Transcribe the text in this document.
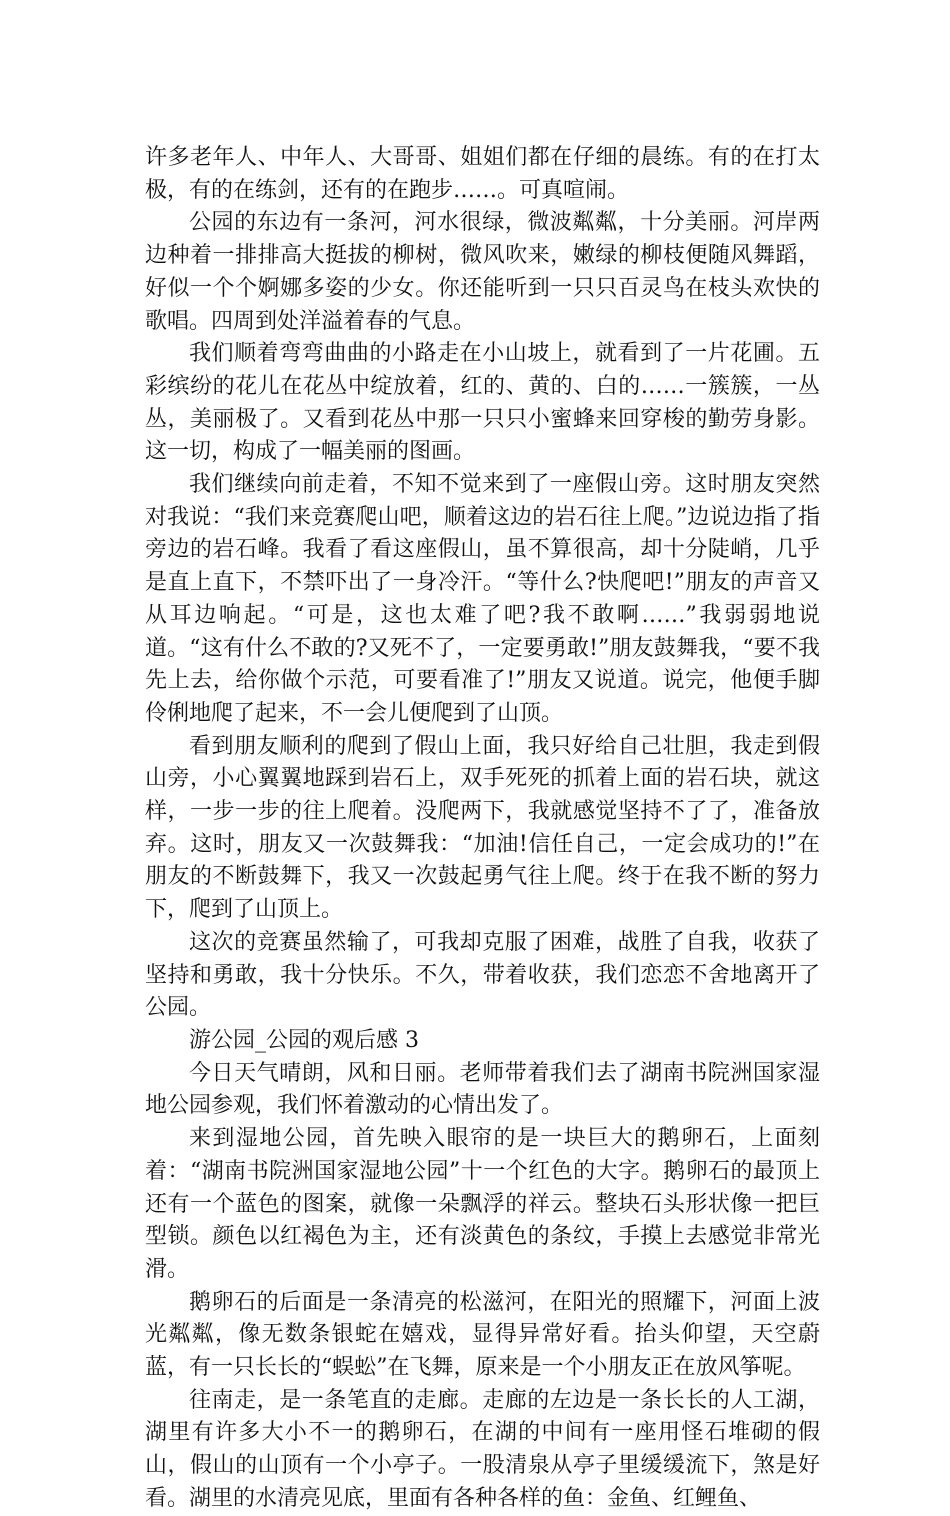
许多老年人、中年人、大哥哥、姐姐们都在仔细的晨练。有的在打太极，有的在练剑，还有的在跑步……。可真喧闹。

公园的东边有一条河，河水很绿，微波粼粼，十分美丽。河岸两边种着一排排高大挺拔的柳树，微风吹来，嫩绿的柳枝便随风舞蹈，好似一个个婀娜多姿的少女。你还能听到一只只百灵鸟在枝头欢快的歌唱。四周到处洋溢着春的气息。

我们顺着弯弯曲曲的小路走在小山坡上，就看到了一片花圃。五彩缤纷的花儿在花丛中绽放着，红的、黄的、白的……一簇簇，一丛丛，美丽极了。又看到花丛中那一只只小蜜蜂来回穿梭的勤劳身影。这一切，构成了一幅美丽的图画。

我们继续向前走着，不知不觉来到了一座假山旁。这时朋友突然对我说：“我们来竞赛爬山吧，顺着这边的岩石往上爬。”边说边指了指旁边的岩石峰。我看了看这座假山，虽不算很高，却十分陡峭，几乎是直上直下，不禁吓出了一身冷汗。“等什么?快爬吧!”朋友的声音又从耳边响起。“可是，这也太难了吧?我不敢啊……”我弱弱地说道。“这有什么不敢的?又死不了，一定要勇敢!”朋友鼓舞我，“要不我先上去，给你做个示范，可要看准了!”朋友又说道。说完，他便手脚伶俐地爬了起来，不一会儿便爬到了山顶。

看到朋友顺利的爬到了假山上面，我只好给自己壮胆，我走到假山旁，小心翼翼地踩到岩石上，双手死死的抓着上面的岩石块，就这样，一步一步的往上爬着。没爬两下，我就感觉坚持不了了，准备放弃。这时，朋友又一次鼓舞我：“加油!信任自己，一定会成功的!”在朋友的不断鼓舞下，我又一次鼓起勇气往上爬。终于在我不断的努力下，爬到了山顶上。

这次的竞赛虽然输了，可我却克服了困难，战胜了自我，收获了坚持和勇敢，我十分快乐。不久，带着收获，我们恋恋不舍地离开了公园。

游公园_公园的观后感 3

今日天气晴朗，风和日丽。老师带着我们去了湖南书院洲国家湿地公园参观，我们怀着激动的心情出发了。

来到湿地公园，首先映入眼帘的是一块巨大的鹅卵石，上面刻着：“湖南书院洲国家湿地公园”十一个红色的大字。鹅卵石的最顶上还有一个蓝色的图案，就像一朵飘浮的祥云。整块石头形状像一把巨型锁。颜色以红褐色为主，还有淡黄色的条纹，手摸上去感觉非常光滑。

鹅卵石的后面是一条清亮的松滋河，在阳光的照耀下，河面上波光粼粼，像无数条银蛇在嬉戏，显得异常好看。抬头仰望，天空蔚蓝，有一只长长的“蜈蚣”在飞舞，原来是一个小朋友正在放风筝呢。

往南走，是一条笔直的走廊。走廊的左边是一条长长的人工湖，湖里有许多大小不一的鹅卵石，在湖的中间有一座用怪石堆砌的假山，假山的山顶有一个小亭子。一股清泉从亭子里缓缓流下，煞是好看。湖里的水清亮见底，里面有各种各样的鱼：金鱼、红鲤鱼、
